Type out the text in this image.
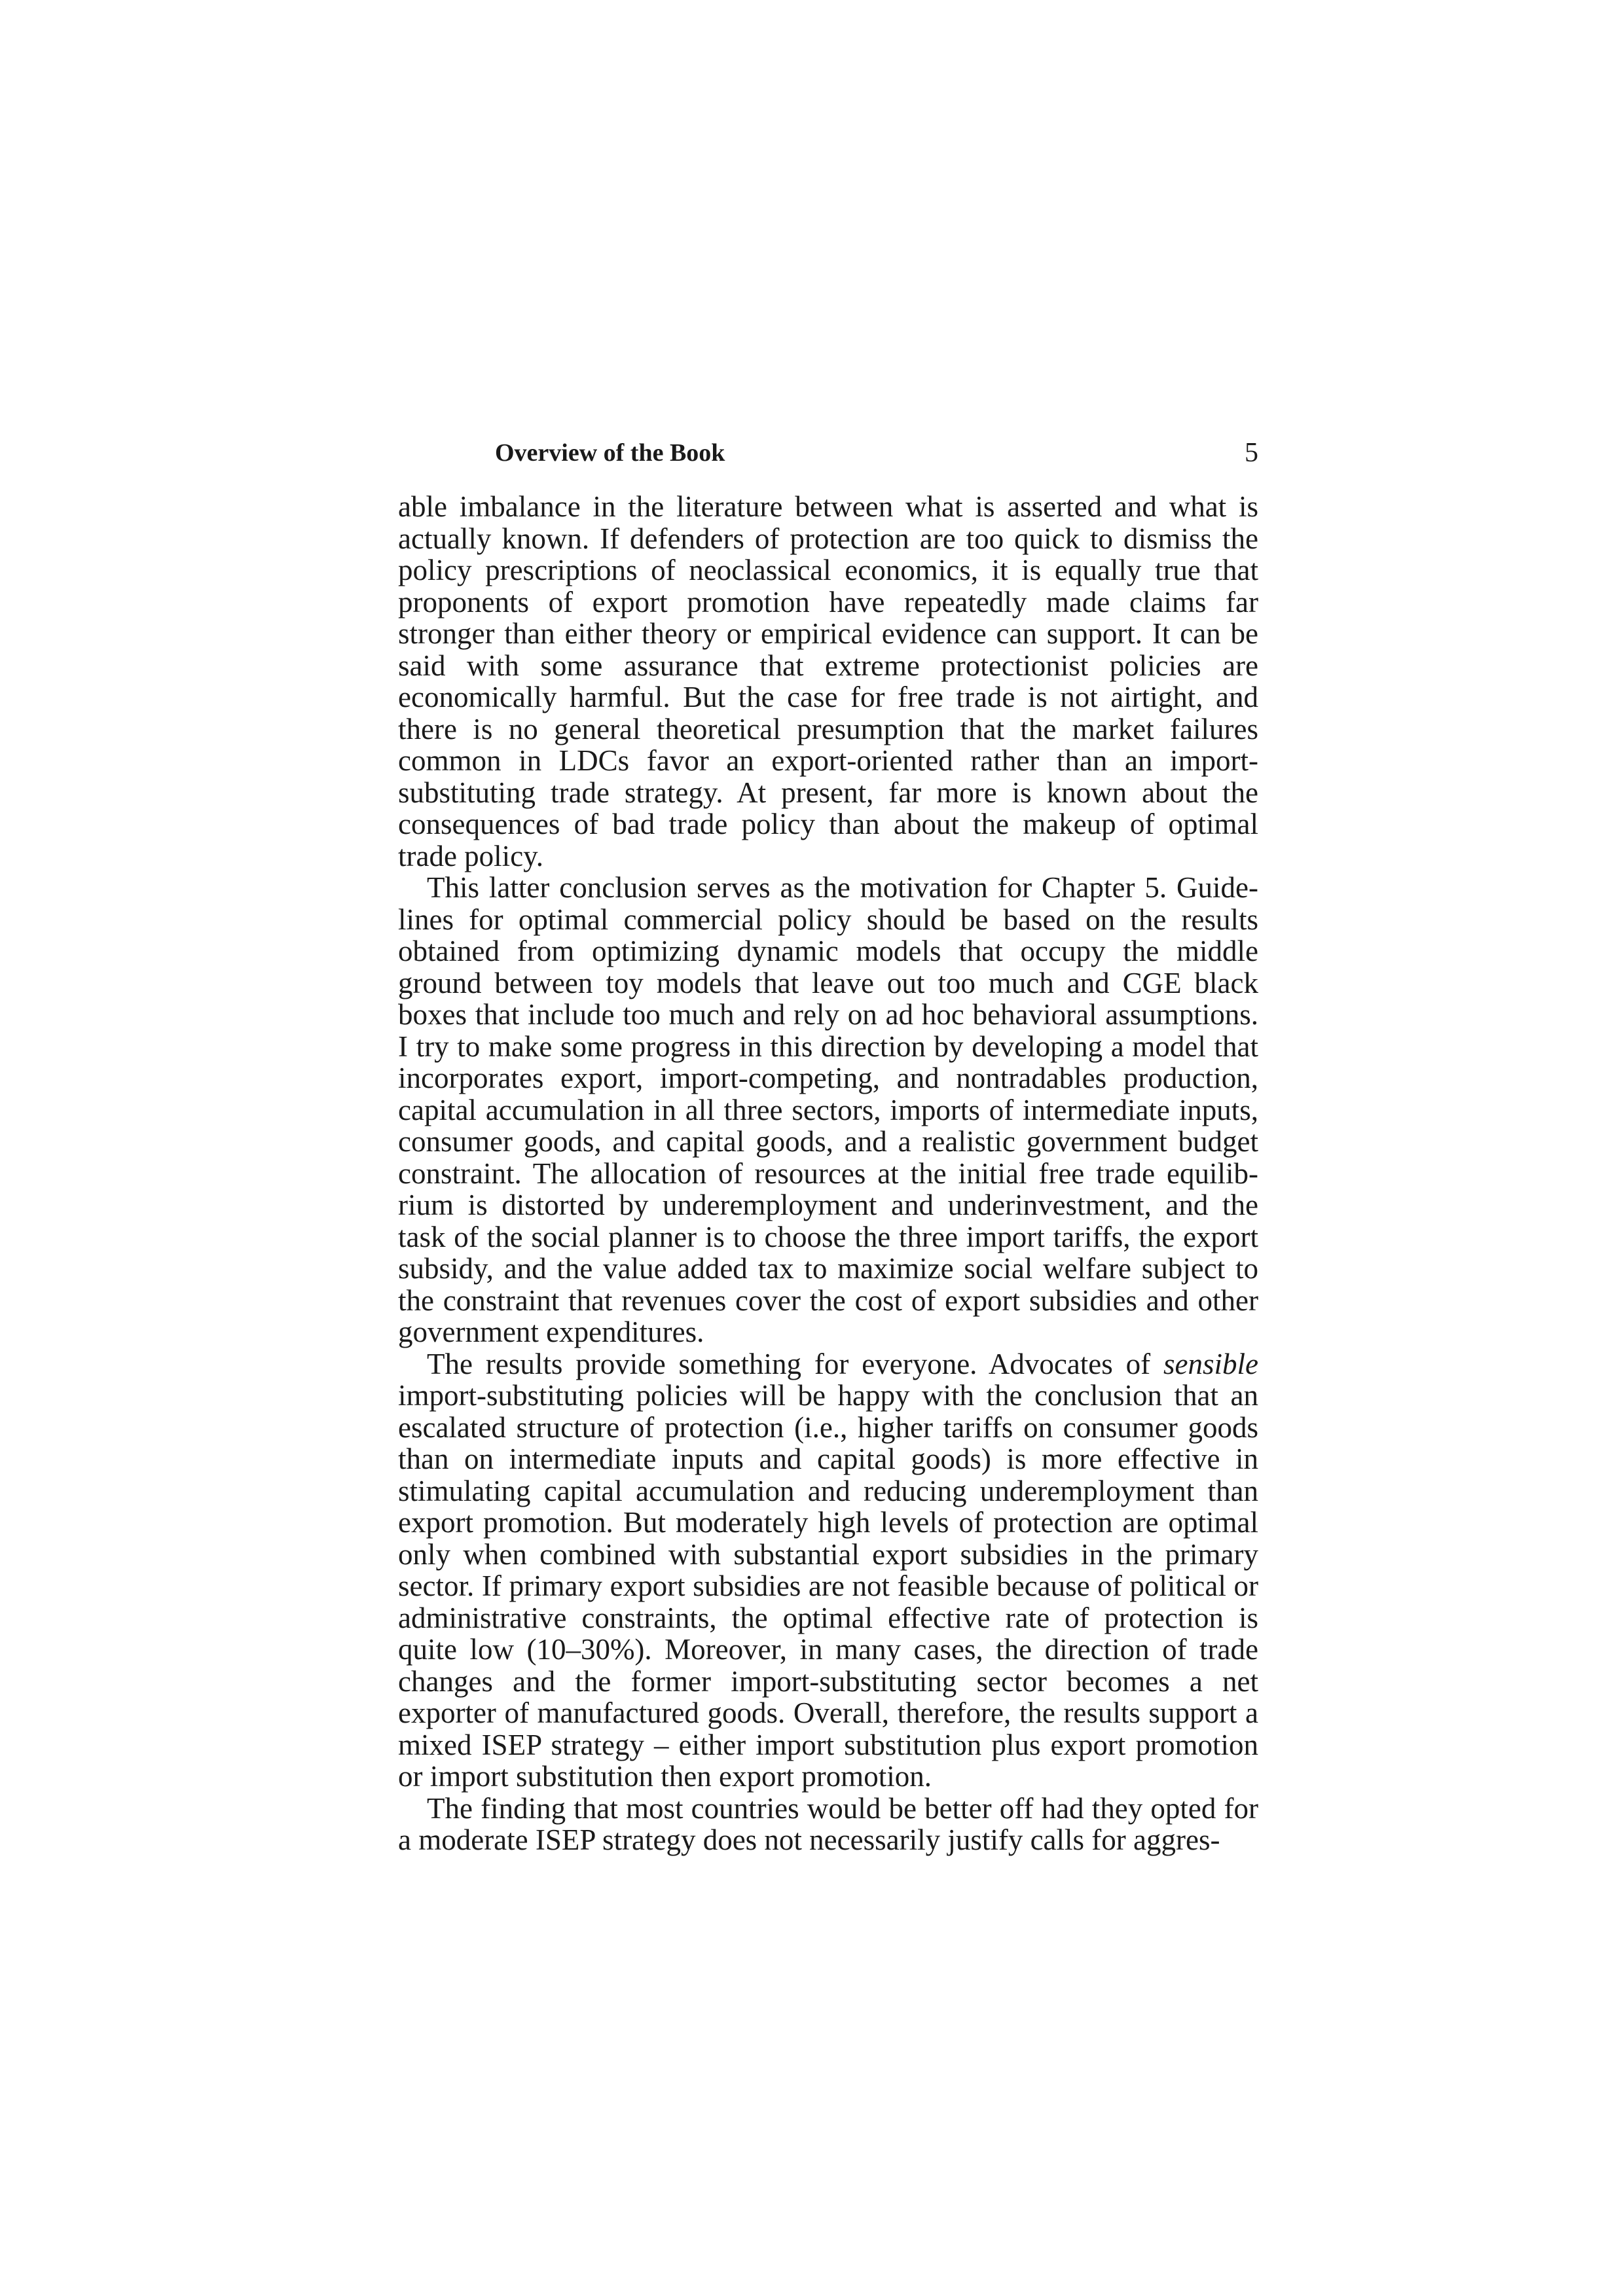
Overview of the Book	5

able imbalance in the literature between what is asserted and what is actually known. If defenders of protection are too quick to dismiss the policy prescriptions of neoclassical economics, it is equally true that proponents of export promotion have repeatedly made claims far stronger than either theory or empirical evidence can support. It can be said with some assurance that extreme protectionist policies are economically harmful. But the case for free trade is not airtight, and there is no general theoretical presumption that the market failures common in LDCs favor an export-oriented rather than an import-substituting trade strategy. At present, far more is known about the consequences of bad trade policy than about the makeup of optimal trade policy.

This latter conclusion serves as the motivation for Chapter 5. Guidelines for optimal commercial policy should be based on the results obtained from optimizing dynamic models that occupy the middle ground between toy models that leave out too much and CGE black boxes that include too much and rely on ad hoc behavioral assumptions. I try to make some progress in this direction by developing a model that incorporates export, import-competing, and nontradables production, capital accumulation in all three sectors, imports of intermediate inputs, consumer goods, and capital goods, and a realistic government budget constraint. The allocation of resources at the initial free trade equilibrium is distorted by underemployment and underinvestment, and the task of the social planner is to choose the three import tariffs, the export subsidy, and the value added tax to maximize social welfare subject to the constraint that revenues cover the cost of export subsidies and other government expenditures.

The results provide something for everyone. Advocates of sensible import-substituting policies will be happy with the conclusion that an escalated structure of protection (i.e., higher tariffs on consumer goods than on intermediate inputs and capital goods) is more effective in stimulating capital accumulation and reducing underemployment than export promotion. But moderately high levels of protection are optimal only when combined with substantial export subsidies in the primary sector. If primary export subsidies are not feasible because of political or administrative constraints, the optimal effective rate of protection is quite low (10–30%). Moreover, in many cases, the direction of trade changes and the former import-substituting sector becomes a net exporter of manufactured goods. Overall, therefore, the results support a mixed ISEP strategy – either import substitution plus export promotion or import substitution then export promotion.

The finding that most countries would be better off had they opted for a moderate ISEP strategy does not necessarily justify calls for aggres-
